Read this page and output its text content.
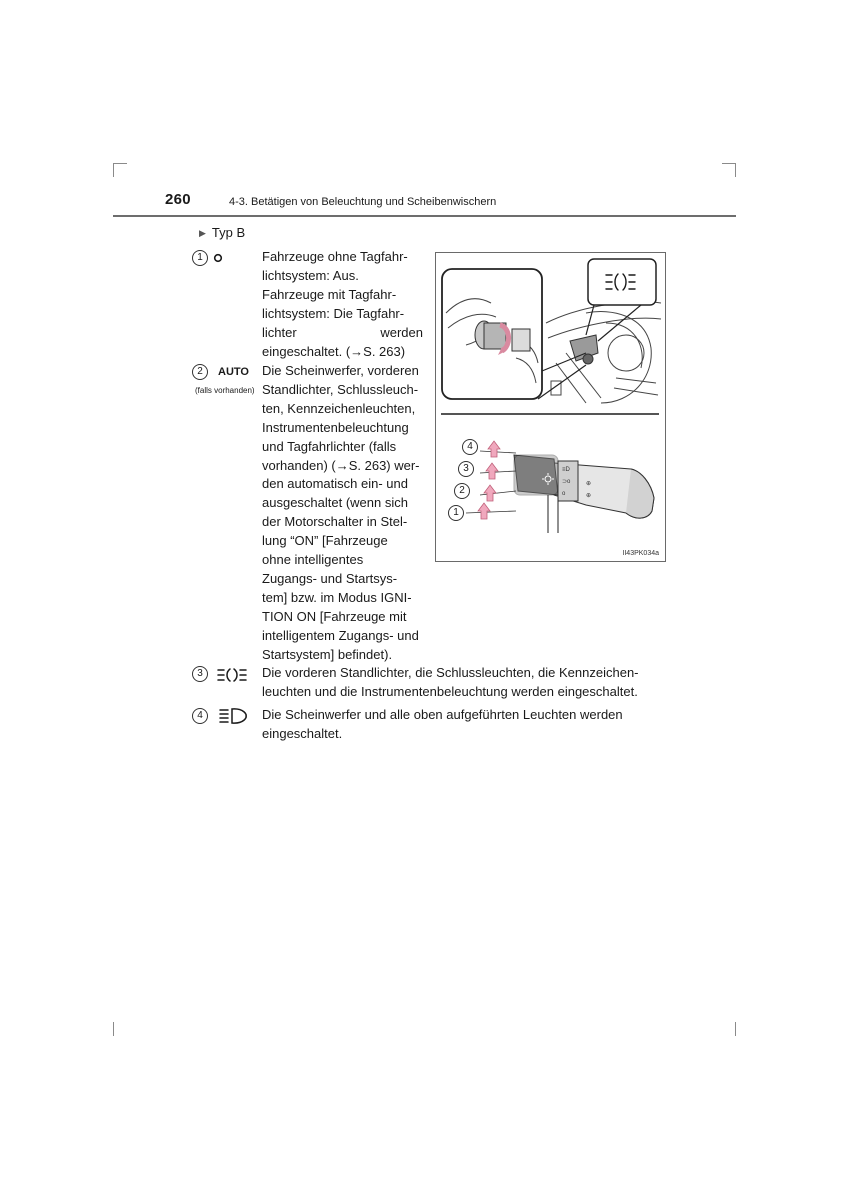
260	4-3. Betätigen von Beleuchtung und Scheibenwischern
▶ Typ B
1	Fahrzeuge ohne Tagfahr-
lichtsystem: Aus.
Fahrzeuge mit Tagfahr-
lichtsystem: Die Tagfahr-
lichter	werden
eingeschaltet. (→S. 263)
2	AUTO
(falls vorhanden)
Die Scheinwerfer, vorderen
Standlichter, Schlussleuch-
ten, Kennzeichenleuchten,
Instrumentenbeleuchtung
und Tagfahrlichter (falls
vorhanden) (→S. 263) wer-
den automatisch ein- und
ausgeschaltet (wenn sich
der Motorschalter in Stel-
lung “ON” [Fahrzeuge
ohne intelligentes
Zugangs- und Startsys-
tem] bzw. im Modus IGNI-
TION ON [Fahrzeuge mit
intelligentem Zugangs- und
Startsystem] befindet).
3	Die vorderen Standlichter, die Schlussleuchten, die Kennzeichen-
leuchten und die Instrumentenbeleuchtung werden eingeschaltet.
4	Die Scheinwerfer und alle oben aufgeführten Leuchten werden
eingeschaltet.
≡D
⊃o
o
⊕
⊕
4
3
2
1
II43PK034a
